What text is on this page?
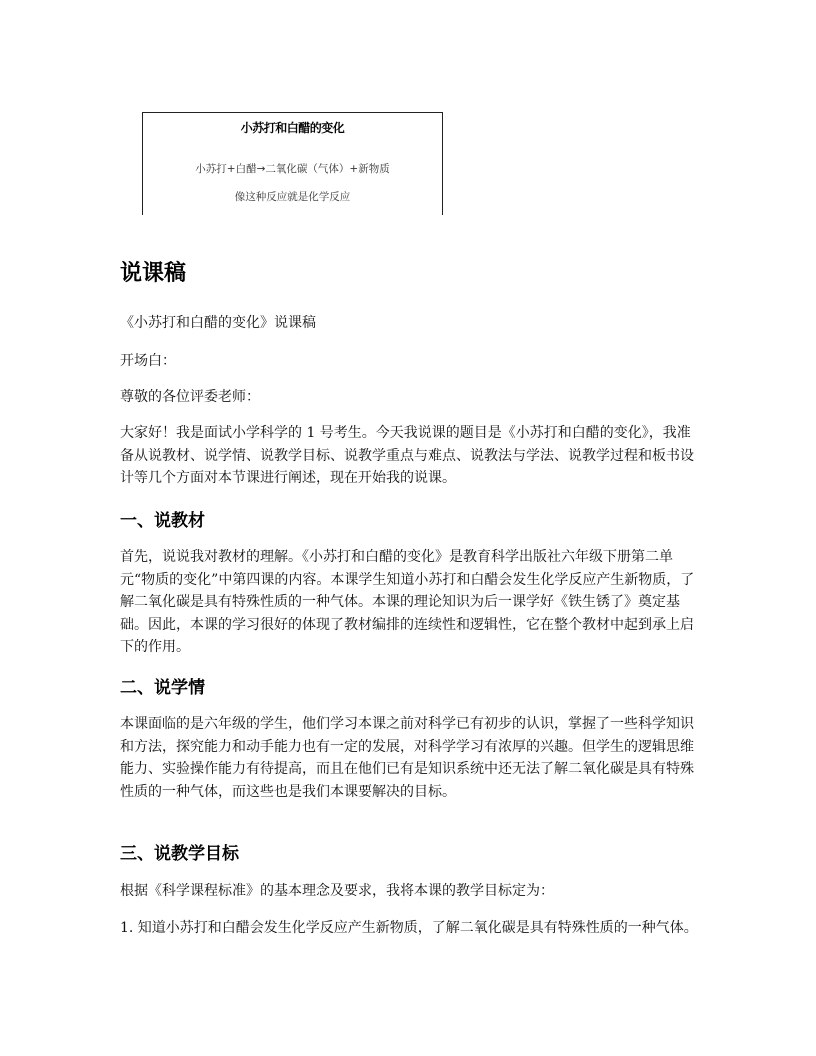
小苏打和白醋的变化
小苏打+白醋→二氧化碳（气体）+新物质
像这种反应就是化学反应
说课稿

《小苏打和白醋的变化》说课稿

开场白：

尊敬的各位评委老师：

大家好！我是面试小学科学的 1 号考生。今天我说课的题目是《小苏打和白醋的变化》，我准备从说教材、说学情、说教学目标、说教学重点与难点、说教法与学法、说教学过程和板书设计等几个方面对本节课进行阐述，现在开始我的说课。

一、说教材

首先，说说我对教材的理解。《小苏打和白醋的变化》是教育科学出版社六年级下册第二单元“物质的变化”中第四课的内容。本课学生知道小苏打和白醋会发生化学反应产生新物质，了解二氧化碳是具有特殊性质的一种气体。本课的理论知识为后一课学好《铁生锈了》奠定基础。因此，本课的学习很好的体现了教材编排的连续性和逻辑性，它在整个教材中起到承上启下的作用。

二、说学情

本课面临的是六年级的学生，他们学习本课之前对科学已有初步的认识，掌握了一些科学知识和方法，探究能力和动手能力也有一定的发展，对科学学习有浓厚的兴趣。但学生的逻辑思维能力、实验操作能力有待提高，而且在他们已有是知识系统中还无法了解二氧化碳是具有特殊性质的一种气体，而这些也是我们本课要解决的目标。

三、说教学目标

根据《科学课程标准》的基本理念及要求，我将本课的教学目标定为：

1. 知道小苏打和白醋会发生化学反应产生新物质，了解二氧化碳是具有特殊性质的一种气体。
